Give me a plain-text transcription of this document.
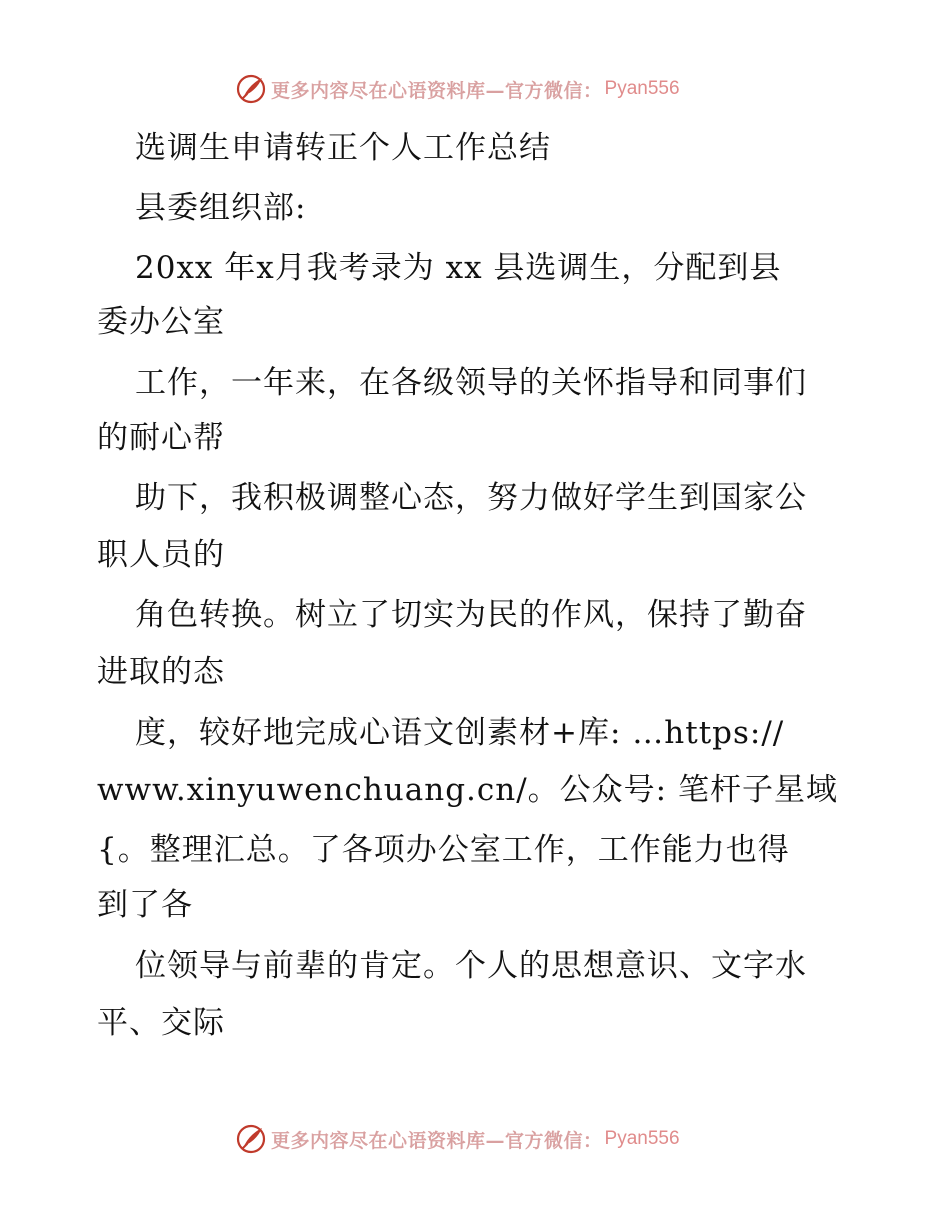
更多内容尽在心语资料库—官方微信： Pyan556

选调生申请转正个人工作总结

县委组织部:

20xx 年x月我考录为 xx 县选调生，分配到县

委办公室

工作，一年来，在各级领导的关怀指导和同事们

的耐心帮

助下，我积极调整心态，努力做好学生到国家公

职人员的

角色转换。树立了切实为民的作风，保持了勤奋

进取的态

度，较好地完成心语文创素材+库: …https://

www.xinyuwenchuang.cn/。公众号: 笔杆子星域

{。整理汇总。了各项办公室工作，工作能力也得

到了各

位领导与前辈的肯定。个人的思想意识、文字水

平、交际

更多内容尽在心语资料库—官方微信： Pyan556
